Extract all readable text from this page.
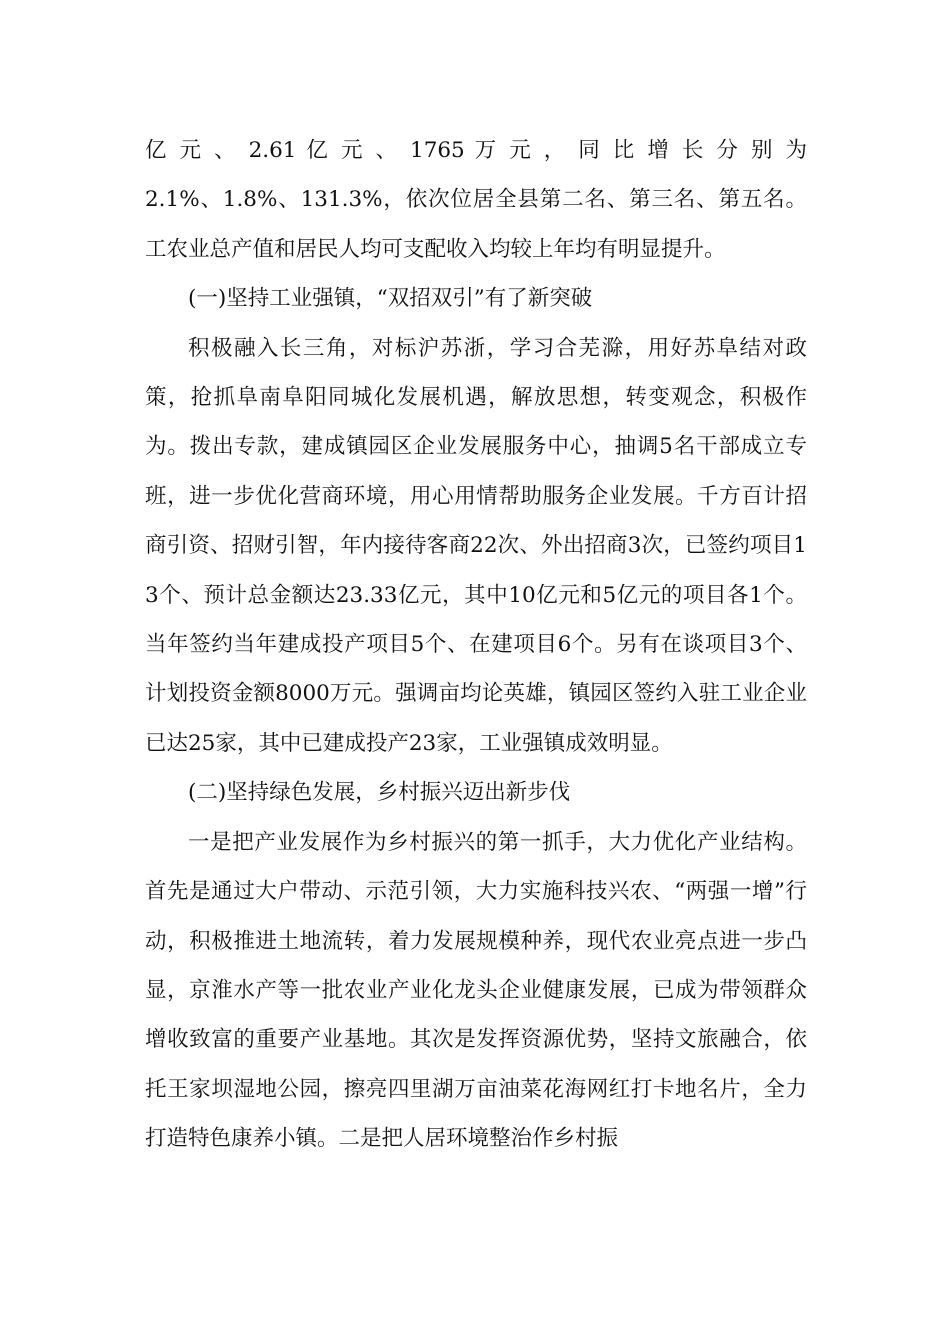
亿 元 、 2.61 亿 元 、 1765 万 元 ， 同 比 增 长 分 别 为
2.1%、1.8%、131.3%，依次位居全县第二名、第三名、第五名。工农业总产值和居民人均可支配收入均较上年均有明显提升。

(一)坚持工业强镇，“双招双引”有了新突破

积极融入长三角，对标沪苏浙，学习合芜滁，用好苏阜结对政策，抢抓阜南阜阳同城化发展机遇，解放思想，转变观念，积极作为。拨出专款，建成镇园区企业发展服务中心，抽调5名干部成立专班，进一步优化营商环境，用心用情帮助服务企业发展。千方百计招商引资、招财引智，年内接待客商22次、外出招商3次，已签约项目13个、预计总金额达23.33亿元，其中10亿元和5亿元的项目各1个。当年签约当年建成投产项目5个、在建项目6个。另有在谈项目3个、计划投资金额8000万元。强调亩均论英雄，镇园区签约入驻工业企业已达25家，其中已建成投产23家，工业强镇成效明显。

(二)坚持绿色发展，乡村振兴迈出新步伐

一是把产业发展作为乡村振兴的第一抓手，大力优化产业结构。首先是通过大户带动、示范引领，大力实施科技兴农、“两强一增”行动，积极推进土地流转，着力发展规模种养，现代农业亮点进一步凸显，京淮水产等一批农业产业化龙头企业健康发展，已成为带领群众增收致富的重要产业基地。其次是发挥资源优势，坚持文旅融合，依托王家坝湿地公园，擦亮四里湖万亩油菜花海网红打卡地名片，全力打造特色康养小镇。二是把人居环境整治作乡村振
